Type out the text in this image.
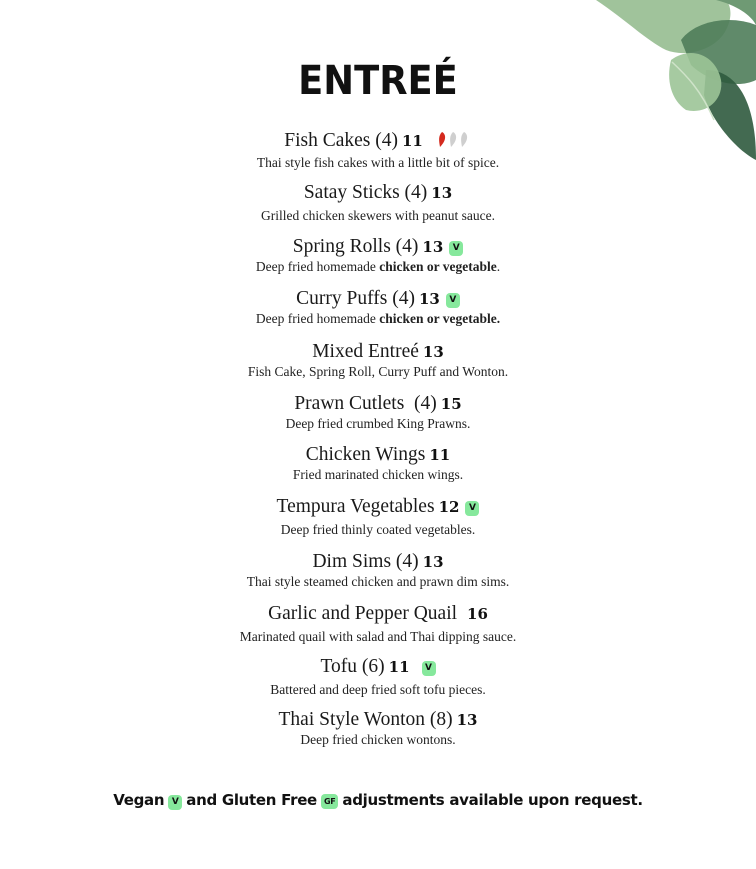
ENTREÉ
Fish Cakes (4) 11
Thai style fish cakes with a little bit of spice.
Satay Sticks (4) 13
Grilled chicken skewers with peanut sauce.
Spring Rolls (4) 13 V
Deep fried homemade chicken or vegetable.
Curry Puffs (4) 13 V
Deep fried homemade chicken or vegetable.
Mixed Entreé 13
Fish Cake, Spring Roll, Curry Puff and Wonton.
Prawn Cutlets  (4) 15
Deep fried crumbed King Prawns.
Chicken Wings 11
Fried marinated chicken wings.
Tempura Vegetables 12 V
Deep fried thinly coated vegetables.
Dim Sims (4) 13
Thai style steamed chicken and prawn dim sims.
Garlic and Pepper Quail 16
Marinated quail with salad and Thai dipping sauce.
Tofu (6) 11 V
Battered and deep fried soft tofu pieces.
Thai Style Wonton (8) 13
Deep fried chicken wontons.
Vegan V and Gluten Free GF adjustments available upon request.
